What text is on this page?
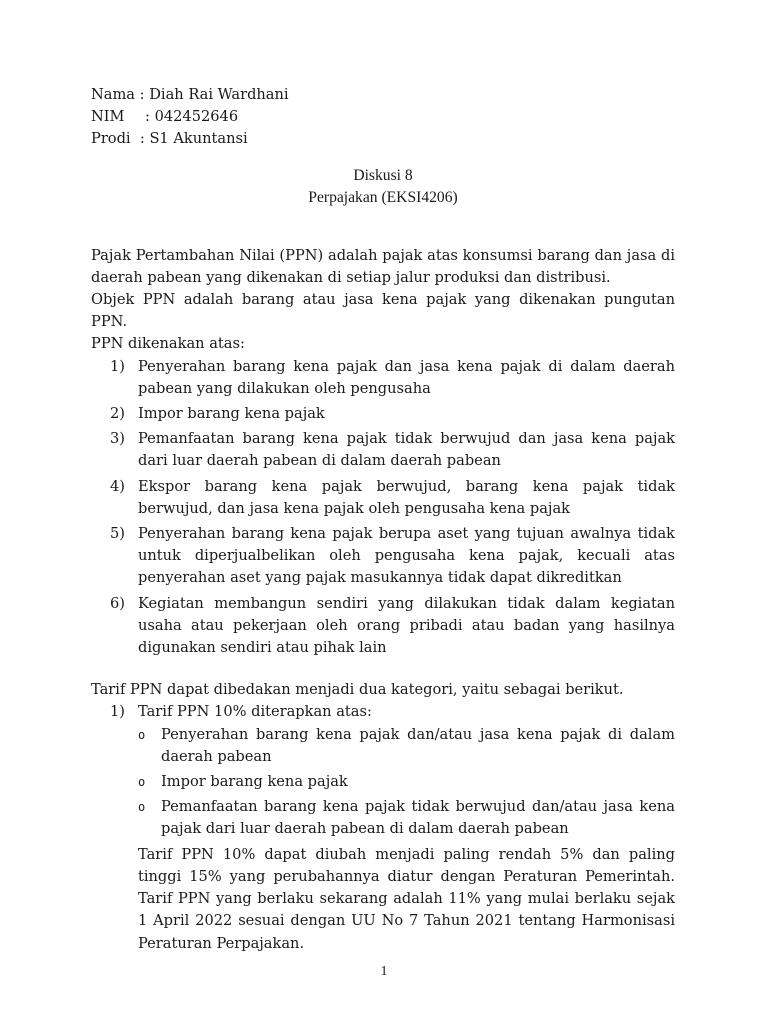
Nama
:
Diah Rai Wardhani
NIM	:
042452646
Prodi
:
S1 Akuntansi
Diskusi 8
Perpajakan (EKSI4206)

Pajak Pertambahan Nilai (PPN) adalah pajak atas konsumsi barang dan jasa di daerah pabean yang dikenakan di setiap jalur produksi dan distribusi.

Objek PPN adalah barang atau jasa kena pajak yang dikenakan pungutan PPN.

PPN dikenakan atas:

1) Penyerahan barang kena pajak dan jasa kena pajak di dalam daerah pabean yang dilakukan oleh pengusaha
2) Impor barang kena pajak
3) Pemanfaatan barang kena pajak tidak berwujud dan jasa kena pajak dari luar daerah pabean di dalam daerah pabean
4) Ekspor barang kena pajak berwujud, barang kena pajak tidak berwujud, dan jasa kena pajak oleh pengusaha kena pajak
5) Penyerahan barang kena pajak berupa aset yang tujuan awalnya tidak untuk diperjualbelikan oleh pengusaha kena pajak, kecuali atas penyerahan aset yang pajak masukannya tidak dapat dikreditkan
6) Kegiatan membangun sendiri yang dilakukan tidak dalam kegiatan usaha atau pekerjaan oleh orang pribadi atau badan yang hasilnya digunakan sendiri atau pihak lain

Tarif PPN dapat dibedakan menjadi dua kategori, yaitu sebagai berikut.

1) Tarif PPN 10% diterapkan atas:
o Penyerahan barang kena pajak dan/atau jasa kena pajak di dalam daerah pabean
o Impor barang kena pajak
o Pemanfaatan barang kena pajak tidak berwujud dan/atau jasa kena pajak dari luar daerah pabean di dalam daerah pabean
Tarif PPN 10% dapat diubah menjadi paling rendah 5% dan paling tinggi 15% yang perubahannya diatur dengan Peraturan Pemerintah. Tarif PPN yang berlaku sekarang adalah 11% yang mulai berlaku sejak 1 April 2022 sesuai dengan UU No 7 Tahun 2021 tentang Harmonisasi Peraturan Perpajakan.
1
